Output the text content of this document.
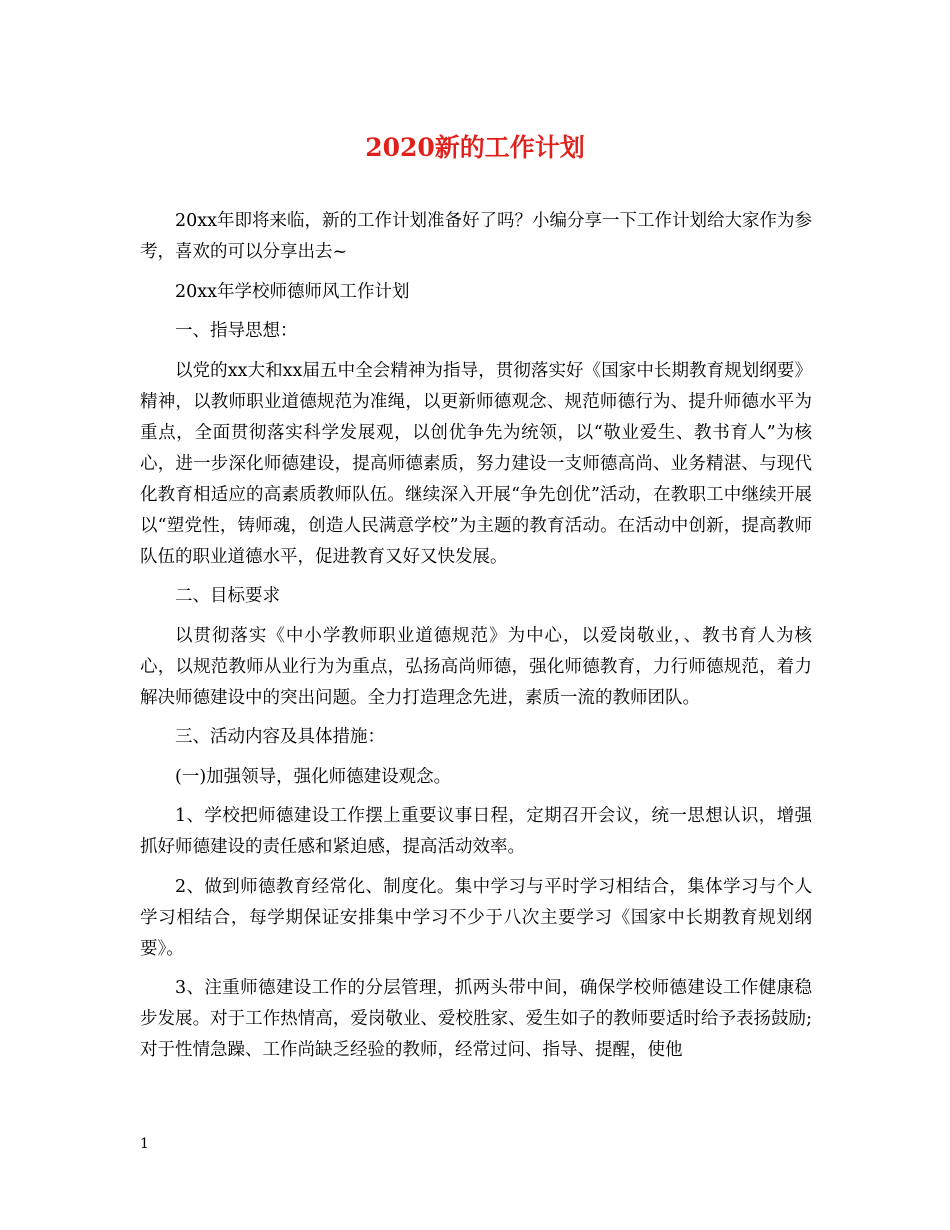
2020新的工作计划

20xx年即将来临，新的工作计划准备好了吗？小编分享一下工作计划给大家作为参考，喜欢的可以分享出去~

20xx年学校师德师风工作计划

一、指导思想：

以党的xx大和xx届五中全会精神为指导，贯彻落实好《国家中长期教育规划纲要》精神，以教师职业道德规范为准绳，以更新师德观念、规范师德行为、提升师德水平为重点，全面贯彻落实科学发展观，以创优争先为统领，以“敬业爱生、教书育人”为核心，进一步深化师德建设，提高师德素质，努力建设一支师德高尚、业务精湛、与现代化教育相适应的高素质教师队伍。继续深入开展“争先创优”活动，在教职工中继续开展以“塑党性，铸师魂，创造人民满意学校”为主题的教育活动。在活动中创新，提高教师队伍的职业道德水平，促进教育又好又快发展。

二、目标要求

以贯彻落实《中小学教师职业道德规范》为中心，以爱岗敬业，、教书育人为核心，以规范教师从业行为为重点，弘扬高尚师德，强化师德教育，力行师德规范，着力解决师德建设中的突出问题。全力打造理念先进，素质一流的教师团队。

三、活动内容及具体措施：

(一)加强领导，强化师德建设观念。

1、学校把师德建设工作摆上重要议事日程，定期召开会议，统一思想认识，增强抓好师德建设的责任感和紧迫感，提高活动效率。

2、做到师德教育经常化、制度化。集中学习与平时学习相结合，集体学习与个人学习相结合，每学期保证安排集中学习不少于八次主要学习《国家中长期教育规划纲要》。

3、注重师德建设工作的分层管理，抓两头带中间，确保学校师德建设工作健康稳步发展。对于工作热情高，爱岗敬业、爱校胜家、爱生如子的教师要适时给予表扬鼓励;对于性情急躁、工作尚缺乏经验的教师，经常过问、指导、提醒，使他

1
